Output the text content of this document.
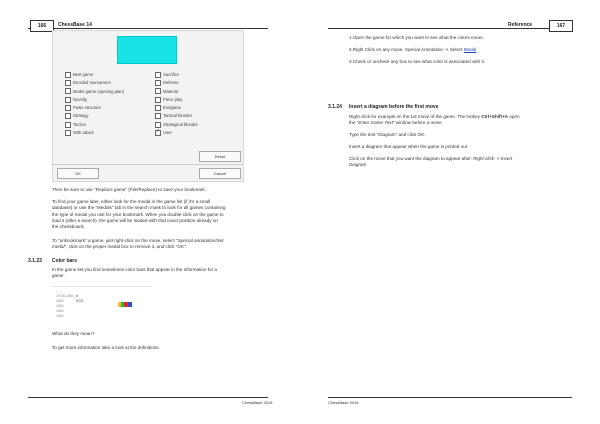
166	ChessBase 14
Best game
Decided tournament
Model game (opening plan)
Novelty
Pawn structure
Strategy
Tactics
With attack
Sacrifice
Defense
Material
Piece play
Endgame
Tactical blunder
Strategical blunder
✓User
Reset
OK	Cancel
Then be sure to use "Replace game" (File/Replace) to save your bookmark.
To find your game later, either look for the medal in the game list (if it's a small
database) or use the "Medals" tab in the search mask to look for all games containing
the type of medal you use for your bookmark. When you double-click on the game to
load it (after a search), the game will be loaded with that exact position already on
the chessboard.
To "unbookmark" a game, just right-click on the move, select "Special annotation/Set
medal", click on the proper medal box to remove it, and click "OK".
3.1.23 Color bars
In the game list you find sometimes color bars that appear in the information for a
game.
......
19.06.1851 e
1851	VCS
1851
1851
1851
What do they mean?
To get more information take a look at the definitions.
ChessBase 2016
Reference	167
1.Open the game for which you want to see what the colors mean.
2.Right Click on any move. Special Annotation -> Select Medal
3.Check or uncheck any box to see what color is associated with it.
3.1.24 Insert a diagram before the first move
Right click for example on the 1st move of the game. The hotkey Ctrl+Shift+A open
the "Enter Game Text" window before a move.
Type the text "Diagram" and click OK.
Insert a diagram that appear when the game is printed out
Click on the move that you want the diagram to appear after. Right click -> Insert
Diagram
ChessBase 2016
